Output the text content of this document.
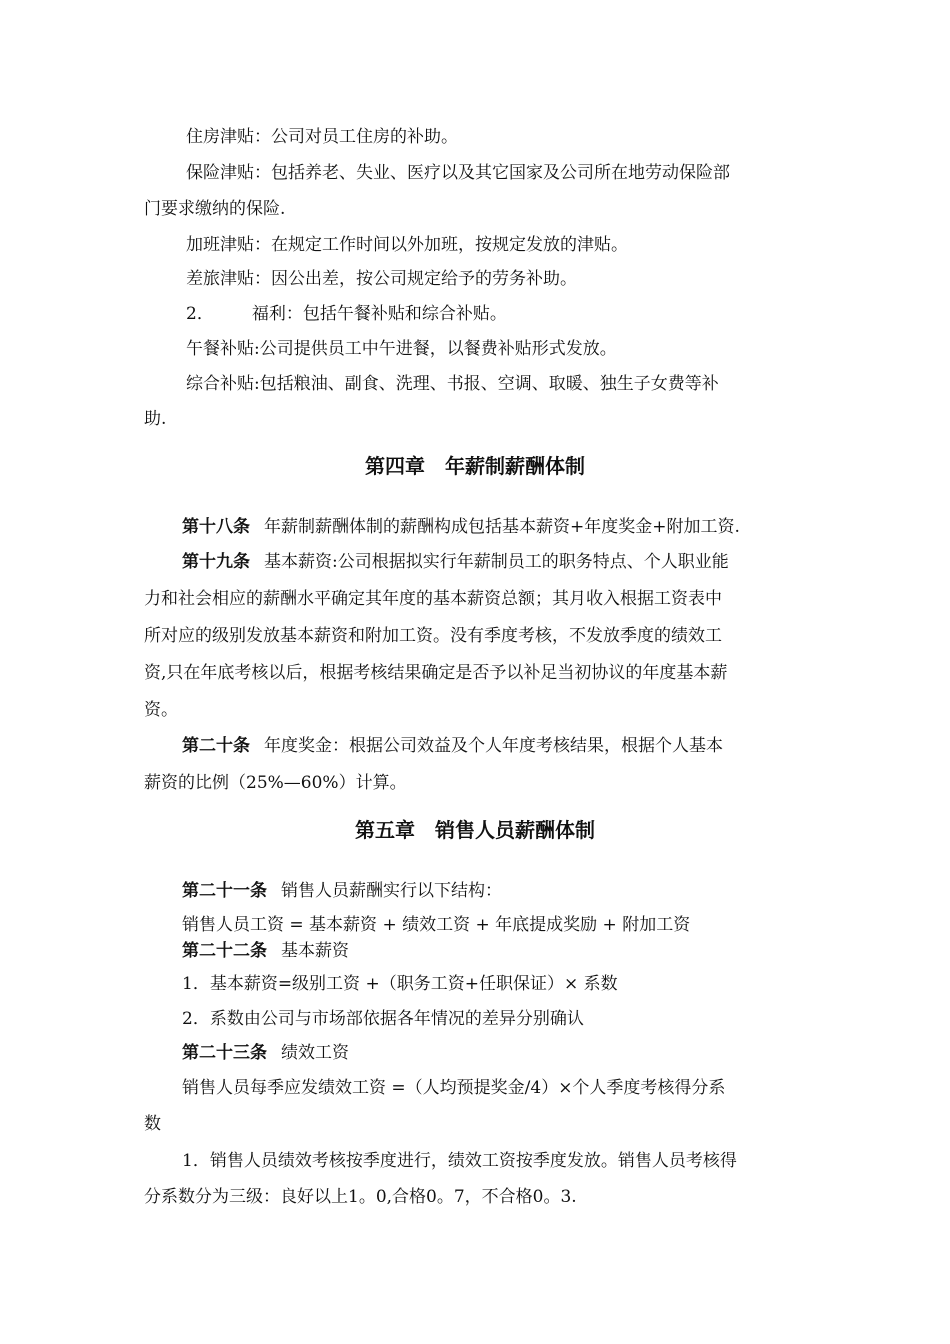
住房津贴：公司对员工住房的补助。
保险津贴：包括养老、失业、医疗以及其它国家及公司所在地劳动保险部
门要求缴纳的保险.
加班津贴：在规定工作时间以外加班，按规定发放的津贴。
差旅津贴：因公出差，按公司规定给予的劳务补助。
2． 福利：包括午餐补贴和综合补贴。
午餐补贴:公司提供员工中午进餐，以餐费补贴形式发放。
综合补贴:包括粮油、副食、洗理、书报、空调、取暖、独生子女费等补
助.
第四章　年薪制薪酬体制
第十八条 年薪制薪酬体制的薪酬构成包括基本薪资+年度奖金+附加工资.
第十九条 基本薪资:公司根据拟实行年薪制员工的职务特点、个人职业能
力和社会相应的薪酬水平确定其年度的基本薪资总额；其月收入根据工资表中
所对应的级别发放基本薪资和附加工资。没有季度考核，不发放季度的绩效工
资,只在年底考核以后，根据考核结果确定是否予以补足当初协议的年度基本薪
资。
第二十条 年度奖金：根据公司效益及个人年度考核结果，根据个人基本
薪资的比例（25%—60%）计算。
第五章　销售人员薪酬体制
第二十一条 销售人员薪酬实行以下结构：
销售人员工资 = 基本薪资 + 绩效工资 + 年底提成奖励 + 附加工资
第二十二条 基本薪资
1．基本薪资=级别工资 +（职务工资+任职保证）× 系数
2．系数由公司与市场部依据各年情况的差异分别确认
第二十三条 绩效工资
销售人员每季应发绩效工资 =（人均预提奖金/4）×个人季度考核得分系
数
1．销售人员绩效考核按季度进行，绩效工资按季度发放。销售人员考核得
分系数分为三级：良好以上1。0,合格0。7，不合格0。3.
